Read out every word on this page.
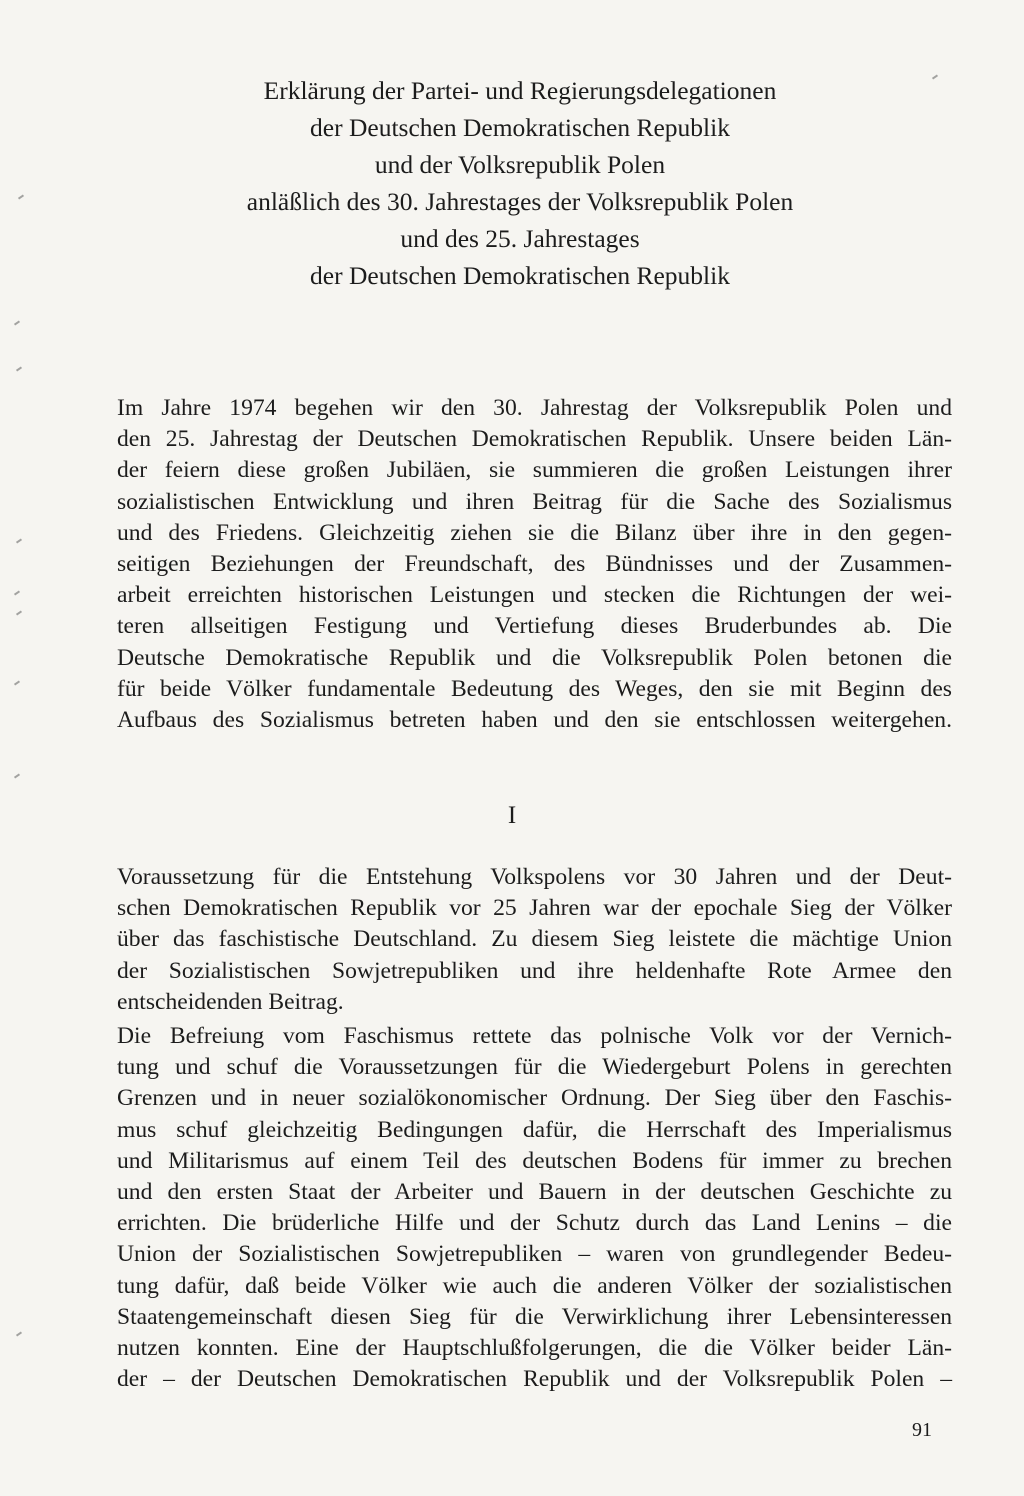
Erklärung der Partei- und Regierungsdelegationen

der Deutschen Demokratischen Republik

und der Volksrepublik Polen

anläßlich des 30. Jahrestages der Volksrepublik Polen

und des 25. Jahrestages

der Deutschen Demokratischen Republik

Im Jahre 1974 begehen wir den 30. Jahrestag der Volksrepublik Polen und
den 25. Jahrestag der Deutschen Demokratischen Republik. Unsere beiden Län-
der feiern diese großen Jubiläen, sie summieren die großen Leistungen ihrer
sozialistischen Entwicklung und ihren Beitrag für die Sache des Sozialismus
und des Friedens. Gleichzeitig ziehen sie die Bilanz über ihre in den gegen-
seitigen Beziehungen der Freundschaft, des Bündnisses und der Zusammen-
arbeit erreichten historischen Leistungen und stecken die Richtungen der wei-
teren allseitigen Festigung und Vertiefung dieses Bruderbundes ab. Die
Deutsche Demokratische Republik und die Volksrepublik Polen betonen die
für beide Völker fundamentale Bedeutung des Weges, den sie mit Beginn des
Aufbaus des Sozialismus betreten haben und den sie entschlossen weitergehen.
I
Voraussetzung für die Entstehung Volkspolens vor 30 Jahren und der Deut-
schen Demokratischen Republik vor 25 Jahren war der epochale Sieg der Völker
über das faschistische Deutschland. Zu diesem Sieg leistete die mächtige Union
der Sozialistischen Sowjetrepubliken und ihre heldenhafte Rote Armee den
entscheidenden Beitrag.
Die Befreiung vom Faschismus rettete das polnische Volk vor der Vernich-
tung und schuf die Voraussetzungen für die Wiedergeburt Polens in gerechten
Grenzen und in neuer sozialökonomischer Ordnung. Der Sieg über den Faschis-
mus schuf gleichzeitig Bedingungen dafür, die Herrschaft des Imperialismus
und Militarismus auf einem Teil des deutschen Bodens für immer zu brechen
und den ersten Staat der Arbeiter und Bauern in der deutschen Geschichte zu
errichten. Die brüderliche Hilfe und der Schutz durch das Land Lenins – die
Union der Sozialistischen Sowjetrepubliken – waren von grundlegender Bedeu-
tung dafür, daß beide Völker wie auch die anderen Völker der sozialistischen
Staatengemeinschaft diesen Sieg für die Verwirklichung ihrer Lebensinteressen
nutzen konnten. Eine der Hauptschlußfolgerungen, die die Völker beider Län-
der – der Deutschen Demokratischen Republik und der Volksrepublik Polen –
91
